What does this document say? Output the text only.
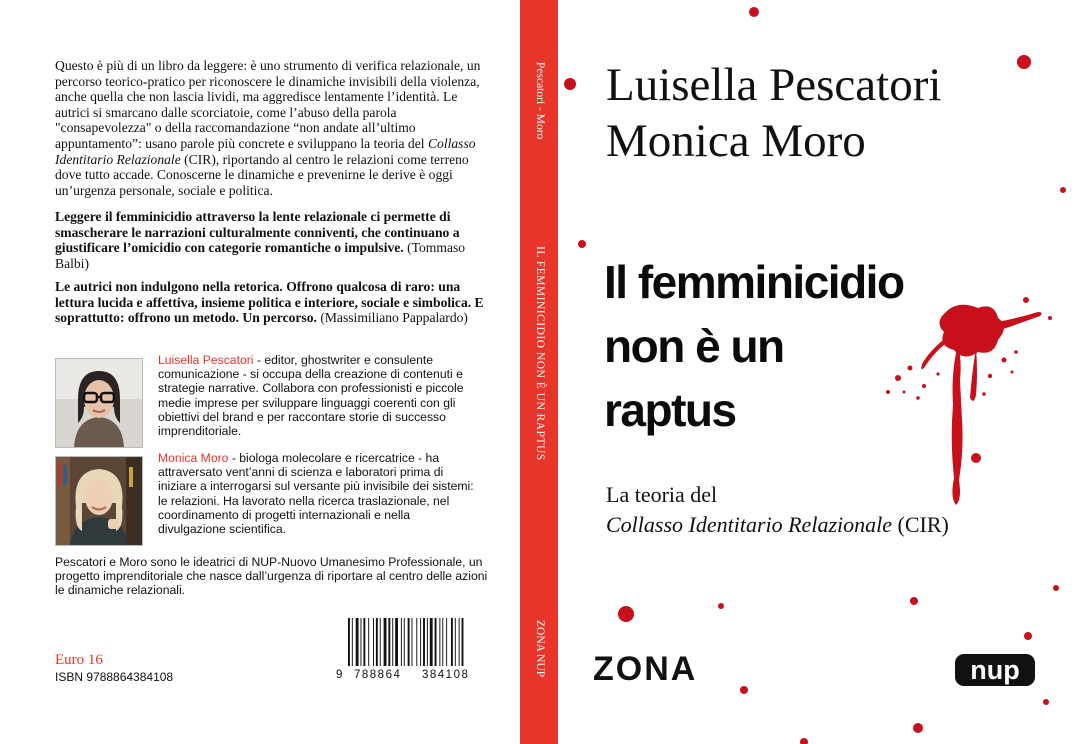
Questo è più di un libro da leggere: è uno strumento di verifica relazionale, un percorso teorico-pratico per riconoscere le dinamiche invisibili della violenza, anche quella che non lascia lividi, ma aggredisce lentamente l’identità. Le autrici si smarcano dalle scorciatoie, come l’abuso della parola "consapevolezza" o della raccomandazione “non andate all’ultimo appuntamento”: usano parole più concrete e sviluppano la teoria del Collasso Identitario Relazionale (CIR), riportando al centro le relazioni come terreno dove tutto accade. Conoscerne le dinamiche e prevenirne le derive è oggi un’urgenza personale, sociale e politica.

Leggere il femminicidio attraverso la lente relazionale ci permette di smascherare le narrazioni culturalmente conniventi, che continuano a giustificare l’omicidio con categorie romantiche o impulsive. (Tommaso Balbi)

Le autrici non indulgono nella retorica. Offrono qualcosa di raro: una lettura lucida e affettiva, insieme politica e interiore, sociale e simbolica. E soprattutto: offrono un metodo. Un percorso. (Massimiliano Pappalardo)

Luisella Pescatori - editor, ghostwriter e consulente comunicazione - si occupa della creazione di contenuti e strategie narrative. Collabora con professionisti e piccole medie imprese per sviluppare linguaggi coerenti con gli obiettivi del brand e per raccontare storie di successo imprenditoriale.
Monica Moro - biologa molecolare e ricercatrice - ha attraversato vent’anni di scienza e laboratori prima di iniziare a interrogarsi sul versante più invisibile dei sistemi: le relazioni. Ha lavorato nella ricerca traslazionale, nel coordinamento di progetti internazionali e nella divulgazione scientifica.
Pescatori e Moro sono le ideatrici di NUP-Nuovo Umanesimo Professionale, un progetto imprenditoriale che nasce dall’urgenza di riportare al centro delle azioni le dinamiche relazionali.
Euro 16
ISBN 9788864384108	9 788864 384108
Pescatori - Moro
IL FEMMINICIDIO NON È UN RAPTUS
ZONA NUP
Luisella Pescatori
Monica Moro
Il femminicidio
non è un
raptus
La teoria del
Collasso Identitario Relazionale (CIR)
ZONA	nup
